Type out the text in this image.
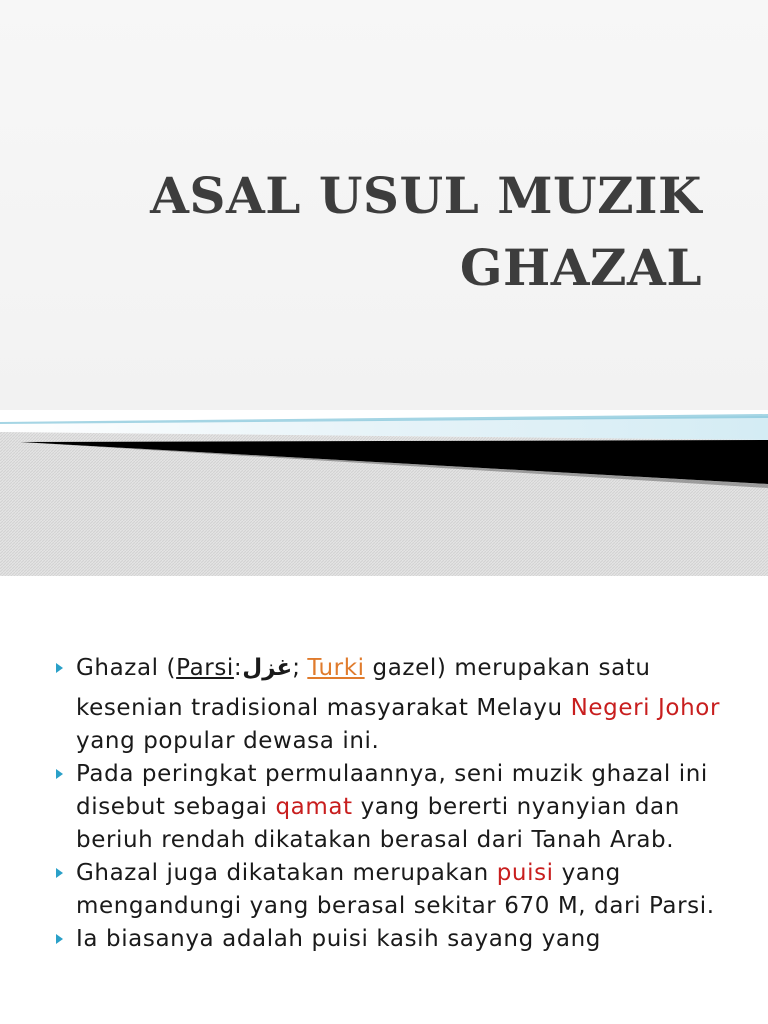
ASAL USUL MUZIK
GHAZAL

Ghazal (Parsi:غزل; Turki gazel) merupakan satu
kesenian tradisional masyarakat Melayu Negeri Johor yang popular dewasa ini.

Pada peringkat permulaannya, seni muzik ghazal ini disebut sebagai qamat yang bererti nyanyian dan beriuh rendah dikatakan berasal dari Tanah Arab.

Ghazal juga dikatakan merupakan puisi yang mengandungi yang berasal sekitar 670 M, dari Parsi.

Ia biasanya adalah puisi kasih sayang yang
